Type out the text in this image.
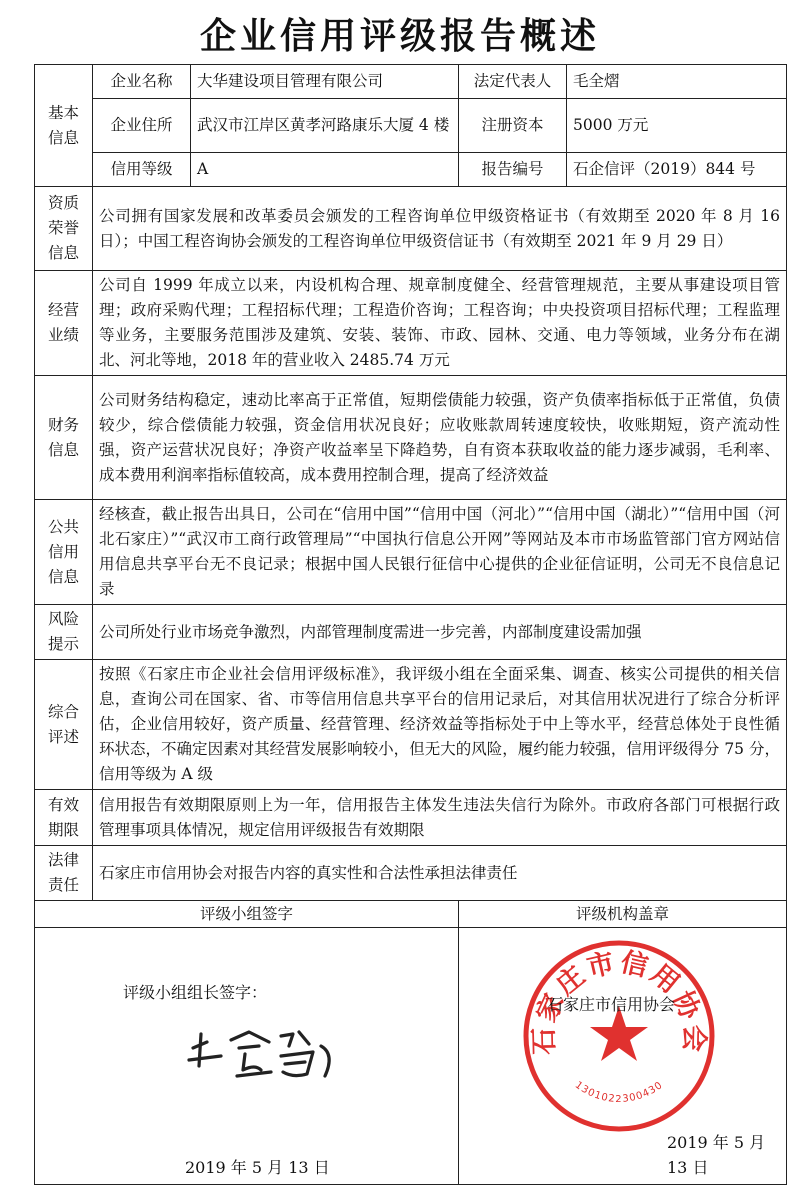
企业信用评级报告概述
基本
信息	企业名称	大华建设项目管理有限公司	法定代表人	毛全熠
	企业住所	武汉市江岸区黄孝河路康乐大厦 4 楼	注册资本	5000 万元
	信用等级	A	报告编号	石企信评（2019）844 号
资质
荣誉
信息	公司拥有国家发展和改革委员会颁发的工程咨询单位甲级资格证书（有效期至 2020 年 8 月 16 日）；中国工程咨询协会颁发的工程咨询单位甲级资信证书（有效期至 2021 年 9 月 29 日）			
经营
业绩	公司自 1999 年成立以来，内设机构合理、规章制度健全、经营管理规范，主要从事建设项目管理；政府采购代理；工程招标代理；工程造价咨询；工程咨询；中央投资项目招标代理；工程监理等业务，主要服务范围涉及建筑、安装、装饰、市政、园林、交通、电力等领域，业务分布在湖北、河北等地，2018 年的营业收入 2485.74 万元			
财务
信息	公司财务结构稳定，速动比率高于正常值，短期偿债能力较强，资产负债率指标低于正常值，负债较少，综合偿债能力较强，资金信用状况良好；应收账款周转速度较快，收账期短，资产流动性强，资产运营状况良好；净资产收益率呈下降趋势，自有资本获取收益的能力逐步减弱，毛利率、成本费用利润率指标值较高，成本费用控制合理，提高了经济效益			
公共
信用
信息	经核查，截止报告出具日，公司在“信用中国”“信用中国（河北）”“信用中国（湖北）”“信用中国（河北石家庄）”“武汉市工商行政管理局”“中国执行信息公开网”等网站及本市市场监管部门官方网站信用信息共享平台无不良记录；根据中国人民银行征信中心提供的企业征信证明，公司无不良信息记录			
风险
提示	公司所处行业市场竞争激烈，内部管理制度需进一步完善，内部制度建设需加强			
综合
评述	按照《石家庄市企业社会信用评级标准》，我评级小组在全面采集、调查、核实公司提供的相关信息，查询公司在国家、省、市等信用信息共享平台的信用记录后，对其信用状况进行了综合分析评估，企业信用较好，资产质量、经营管理、经济效益等指标处于中上等水平，经营总体处于良性循环状态，不确定因素对其经营发展影响较小，但无大的风险，履约能力较强，信用评级得分 75 分，信用等级为 A 级			
有效
期限	信用报告有效期限原则上为一年，信用报告主体发生违法失信行为除外。市政府各部门可根据行政管理事项具体情况，规定信用评级报告有效期限			
法律
责任	石家庄市信用协会对报告内容的真实性和合法性承担法律责任			
评级小组签字			评级机构盖章	

评级小组组长签字：
2019 年 5 月 13 日			石家庄市信用协会
1301022300430
石家庄市信用协会
2019 年 5 月 13 日	
